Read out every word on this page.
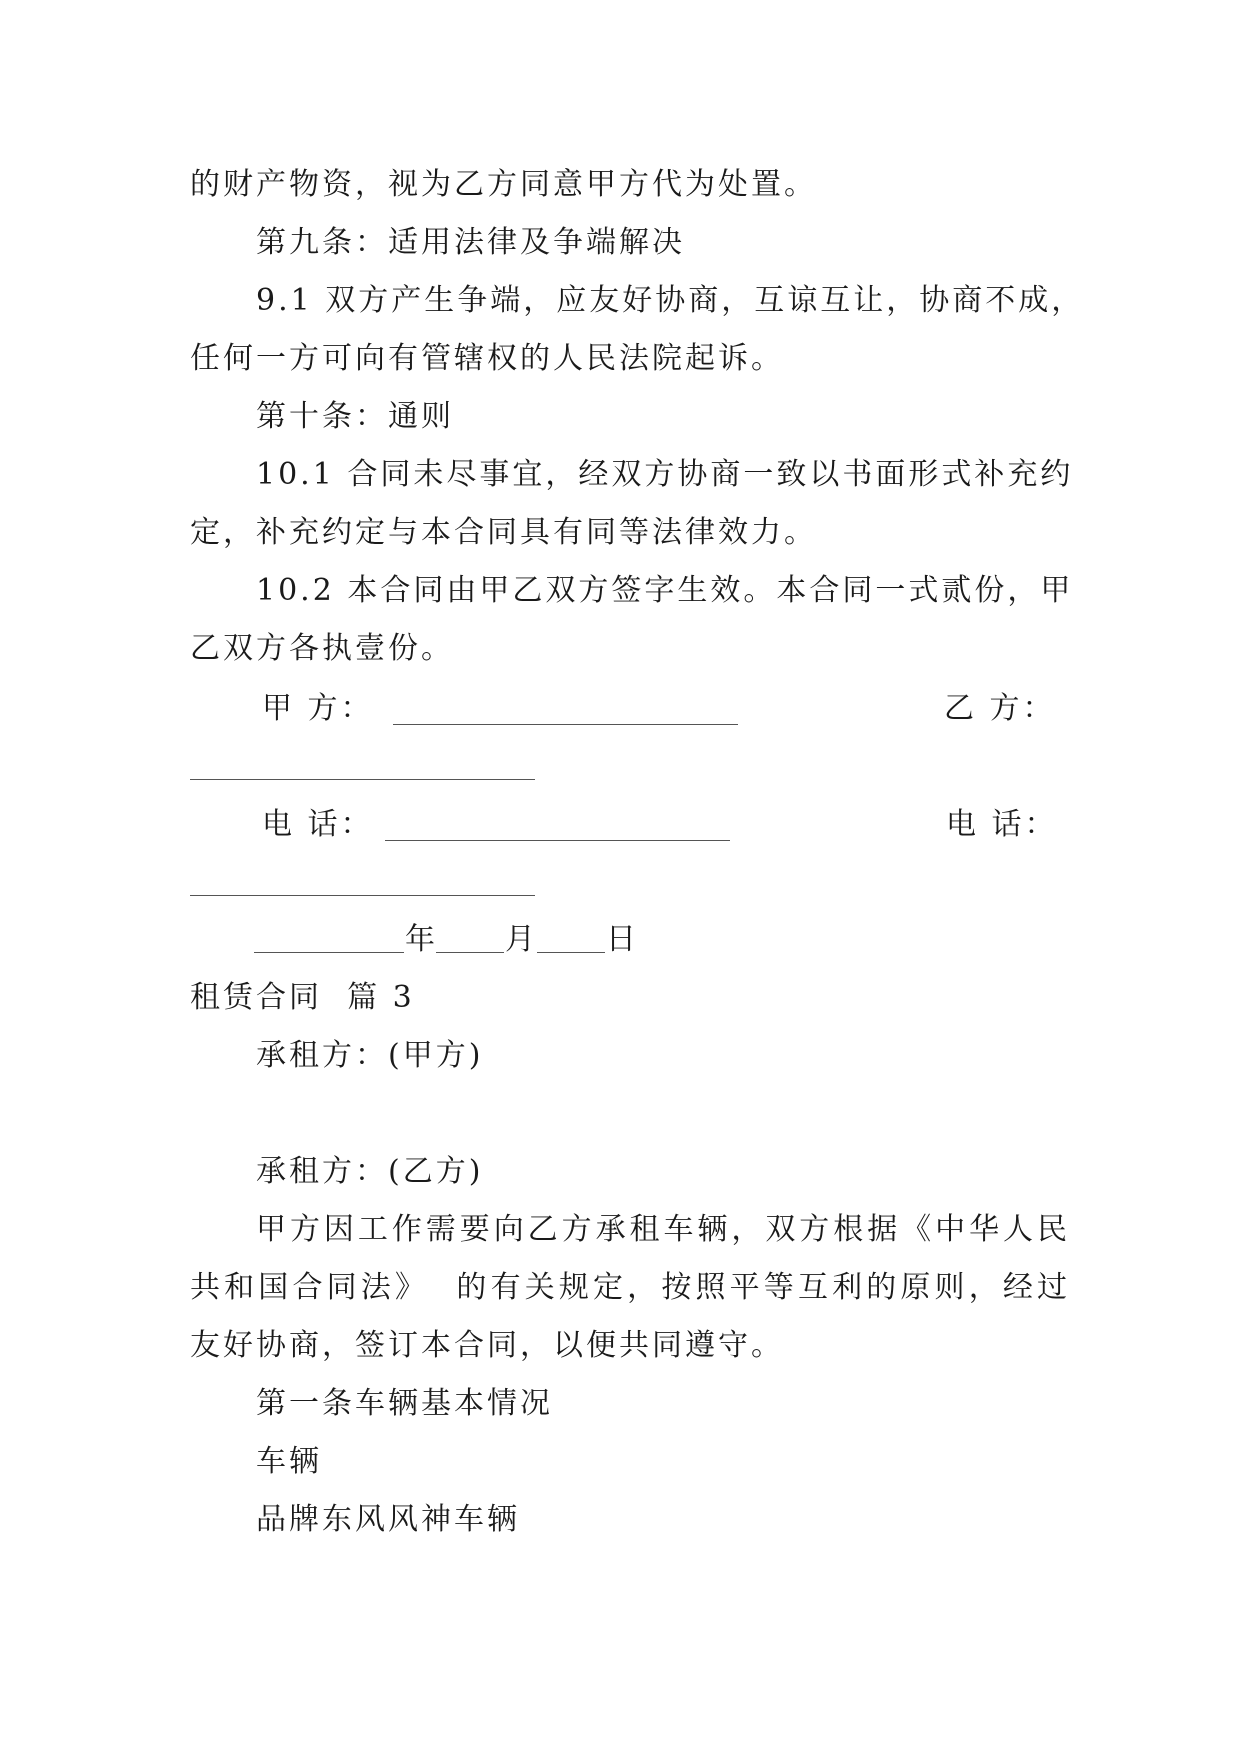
的财产物资，视为乙方同意甲方代为处置。
第九条：适用法律及争端解决
9.1 双方产生争端，应友好协商，互谅互让，协商不成，
任何一方可向有管辖权的人民法院起诉。
第十条：通则
10.1 合同未尽事宜，经双方协商一致以书面形式补充约
定，补充约定与本合同具有同等法律效力。
10.2 本合同由甲乙双方签字生效。本合同一式贰份，甲
乙双方各执壹份。
甲 方：	乙 方：
电 话：	电 话：
年 月 日
租赁合同  篇 3
承租方：(甲方)
承租方：(乙方)
甲方因工作需要向乙方承租车辆，双方根据《中华人民
共和国合同法》  的有关规定，按照平等互利的原则，经过
友好协商，签订本合同，以便共同遵守。
第一条车辆基本情况
车辆
品牌东风风神车辆
